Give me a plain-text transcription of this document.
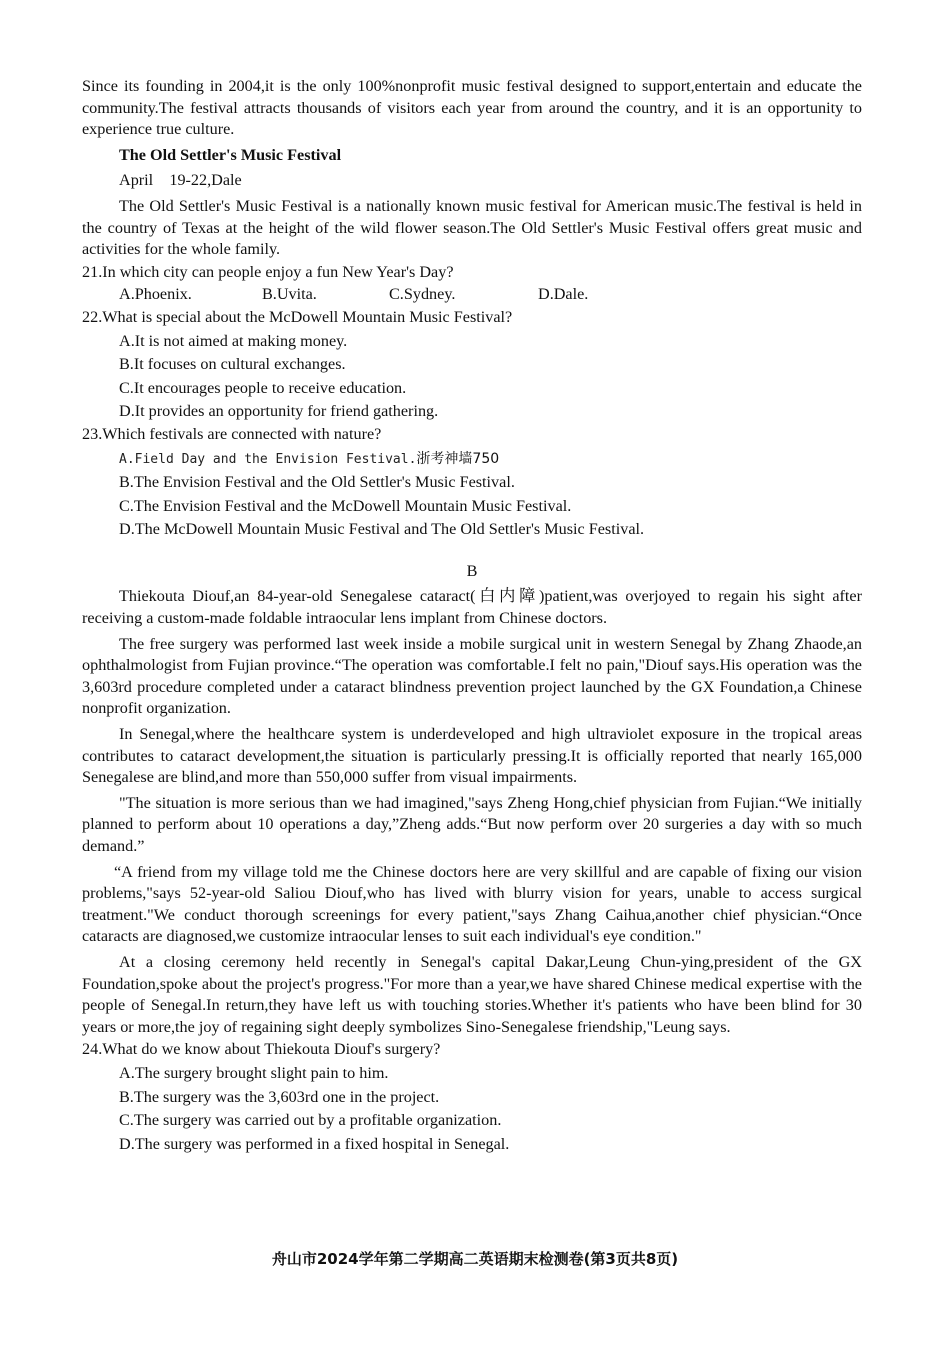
Since its founding in 2004,it is the only 100%nonprofit music festival designed to support,entertain and educate the community.The festival attracts thousands of visitors each year from around the country, and it is an opportunity to experience true culture.

The Old Settler's Music Festival

April    19-22,Dale

The Old Settler's Music Festival is a nationally known music festival for American music.The festival is held in the country of Texas at the height of the wild flower season.The Old Settler's Music Festival offers great music and activities for the whole family.

21.In which city can people enjoy a fun New Year's Day?

A.Phoenix.	B.Uvita.	C.Sydney.	D.Dale.

22.What is special about the McDowell Mountain Music Festival?

A.It is not aimed at making money.

B.It focuses on cultural exchanges.

C.It encourages people to receive education.

D.It provides an opportunity for friend gathering.

23.Which festivals are connected with nature?

A.Field Day and the Envision Festival.浙考神墙750

B.The Envision Festival and the Old Settler's Music Festival.

C.The Envision Festival and the McDowell Mountain Music Festival.

D.The McDowell Mountain Music Festival and The Old Settler's Music Festival.

B

Thiekouta Diouf,an 84-year-old Senegalese cataract(白内障)patient,was overjoyed to regain his sight after receiving a custom-made foldable intraocular lens implant from Chinese doctors.

The free surgery was performed last week inside a mobile surgical unit in western Senegal by Zhang Zhaode,an ophthalmologist from Fujian province.“The operation was comfortable.I felt no pain,"Diouf says.His operation was the 3,603rd procedure completed under a cataract blindness prevention project launched by the GX Foundation,a Chinese nonprofit organization.

In Senegal,where the healthcare system is underdeveloped and high ultraviolet exposure in the tropical areas contributes to cataract development,the situation is particularly pressing.It is officially reported that nearly 165,000 Senegalese are blind,and more than 550,000 suffer from visual impairments.

"The situation is more serious than we had imagined,"says Zheng Hong,chief physician from Fujian.“We initially planned to perform about 10 operations a day,”Zheng adds.“But now perform over 20 surgeries a day with so much demand.”

“A friend from my village told me the Chinese doctors here are very skillful and are capable of fixing our vision problems,"says 52-year-old Saliou Diouf,who has lived with blurry vision for years, unable to access surgical treatment."We conduct thorough screenings for every patient,"says Zhang Caihua,another chief physician.“Once cataracts are diagnosed,we customize intraocular lenses to suit each individual's eye condition."

At a closing ceremony held recently in Senegal's capital Dakar,Leung Chun-ying,president of the GX Foundation,spoke about the project's progress."For more than a year,we have shared Chinese medical expertise with the people of Senegal.In return,they have left us with touching stories.Whether it's patients who have been blind for 30 years or more,the joy of regaining sight deeply symbolizes Sino-Senegalese friendship,"Leung says.

24.What do we know about Thiekouta Diouf's surgery?

A.The surgery brought slight pain to him.

B.The surgery was the 3,603rd one in the project.

C.The surgery was carried out by a profitable organization.

D.The surgery was performed in a fixed hospital in Senegal.

舟山市2024学年第二学期高二英语期末检测卷(第3页共8页)
